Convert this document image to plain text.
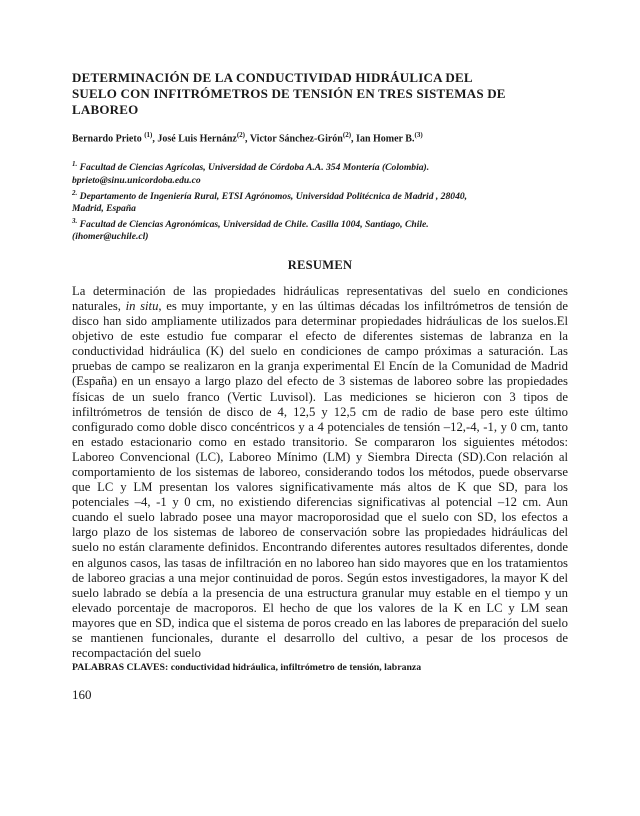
DETERMINACIÓN DE LA CONDUCTIVIDAD HIDRÁULICA DEL
SUELO CON INFITRÓMETROS DE TENSIÓN EN TRES SISTEMAS DE
LABOREO
Bernardo Prieto $^{(1)}$, José Luis Hernánz$^{(2)}$, Victor Sánchez-Girón$^{(2)}$, Ian Homer B.$^{(3)}$
$^{1.}$ Facultad de Ciencias Agrícolas, Universidad de Córdoba A.A. 354 Montería (Colombia).
bprieto@sinu.unicordoba.edu.co
$^{2.}$ Departamento de Ingeniería Rural, ETSI Agrónomos, Universidad Politécnica de Madrid , 28040,
Madrid, España
$^{3.}$ Facultad de Ciencias Agronómicas, Universidad de Chile. Casilla 1004, Santiago, Chile.
(ihomer@uchile.cl)
RESUMEN

La determinación de las propiedades hidráulicas representativas del suelo en condiciones naturales, in situ, es muy importante, y en las últimas décadas los infiltrómetros de tensión de disco han sido ampliamente utilizados para determinar propiedades hidráulicas de los suelos.El objetivo de este estudio fue comparar el efecto de diferentes sistemas de labranza en la conductividad hidráulica (K) del suelo en condiciones de campo próximas a saturación. Las pruebas de campo se realizaron en la granja experimental El Encín de la Comunidad de Madrid (España) en un ensayo a largo plazo del efecto de 3 sistemas de laboreo sobre las propiedades físicas de un suelo franco (Vertic Luvisol). Las mediciones se hicieron con 3 tipos de infiltrómetros de tensión de disco de 4, 12,5 y 12,5 cm de radio de base pero este último configurado como doble disco concéntricos y a 4 potenciales de tensión –12,-4, -1, y 0 cm, tanto en estado estacionario como en estado transitorio. Se compararon los siguientes métodos: Laboreo Convencional (LC), Laboreo Mínimo (LM) y Siembra Directa (SD).Con relación al comportamiento de los sistemas de laboreo, considerando todos los métodos, puede observarse que LC y LM presentan los valores significativamente más altos de K que SD, para los potenciales –4, -1 y 0 cm, no existiendo diferencias significativas al potencial –12 cm. Aun cuando el suelo labrado posee una mayor macroporosidad que el suelo con SD, los efectos a largo plazo de los sistemas de laboreo de conservación sobre las propiedades hidráulicas del suelo no están claramente definidos. Encontrando diferentes autores resultados diferentes, donde en algunos casos, las tasas de infiltración en no laboreo han sido mayores que en los tratamientos de laboreo gracias a una mejor continuidad de poros. Según estos investigadores, la mayor K del suelo labrado se debía a la presencia de una estructura granular muy estable en el tiempo y un elevado porcentaje de macroporos. El hecho de que los valores de la K en LC y LM sean mayores que en SD, indica que el sistema de poros creado en las labores de preparación del suelo se mantienen funcionales, durante el desarrollo del cultivo, a pesar de los procesos de recompactación del suelo

PALABRAS CLAVES: conductividad hidráulica, infiltrómetro de tensión, labranza
160
